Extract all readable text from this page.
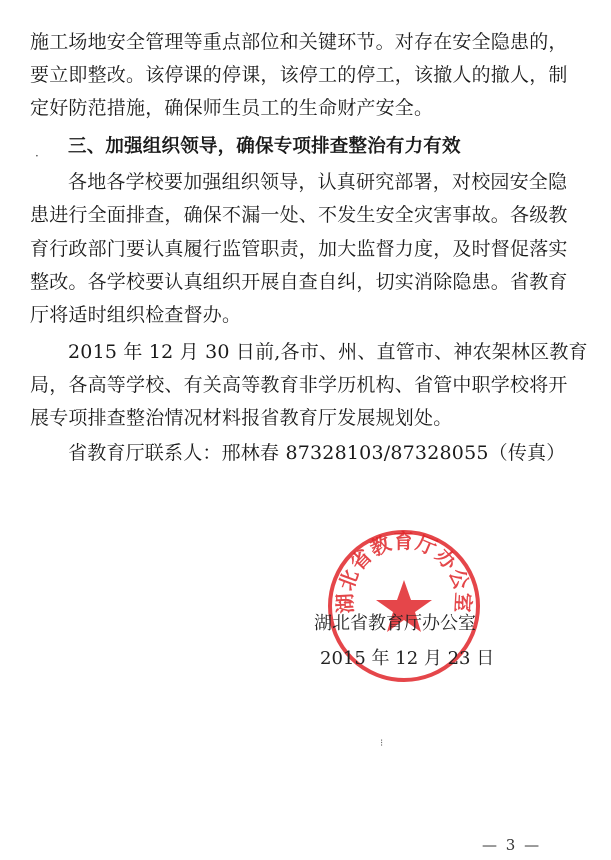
施工场地安全管理等重点部位和关键环节。对存在安全隐患的，
要立即整改。该停课的停课，该停工的停工，该撤人的撤人，制
定好防范措施，确保师生员工的生命财产安全。
· 三、加强组织领导，确保专项排查整治有力有效
各地各学校要加强组织领导，认真研究部署，对校园安全隐
患进行全面排查，确保不漏一处、不发生安全灾害事故。各级教
育行政部门要认真履行监管职责，加大监督力度，及时督促落实
整改。各学校要认真组织开展自查自纠，切实消除隐患。省教育
厅将适时组织检查督办。
2015 年 12 月 30 日前,各市、州、直管市、神农架林区教育
局，各高等学校、有关高等教育非学历机构、省管中职学校将开
展专项排查整治情况材料报省教育厅发展规划处。
省教育厅联系人：邢林春 87328103/87328055（传真）
湖北省教育厅办公室
湖北省教育厅办公室
2015 年 12 月 23 日
⁝
— 3 —
